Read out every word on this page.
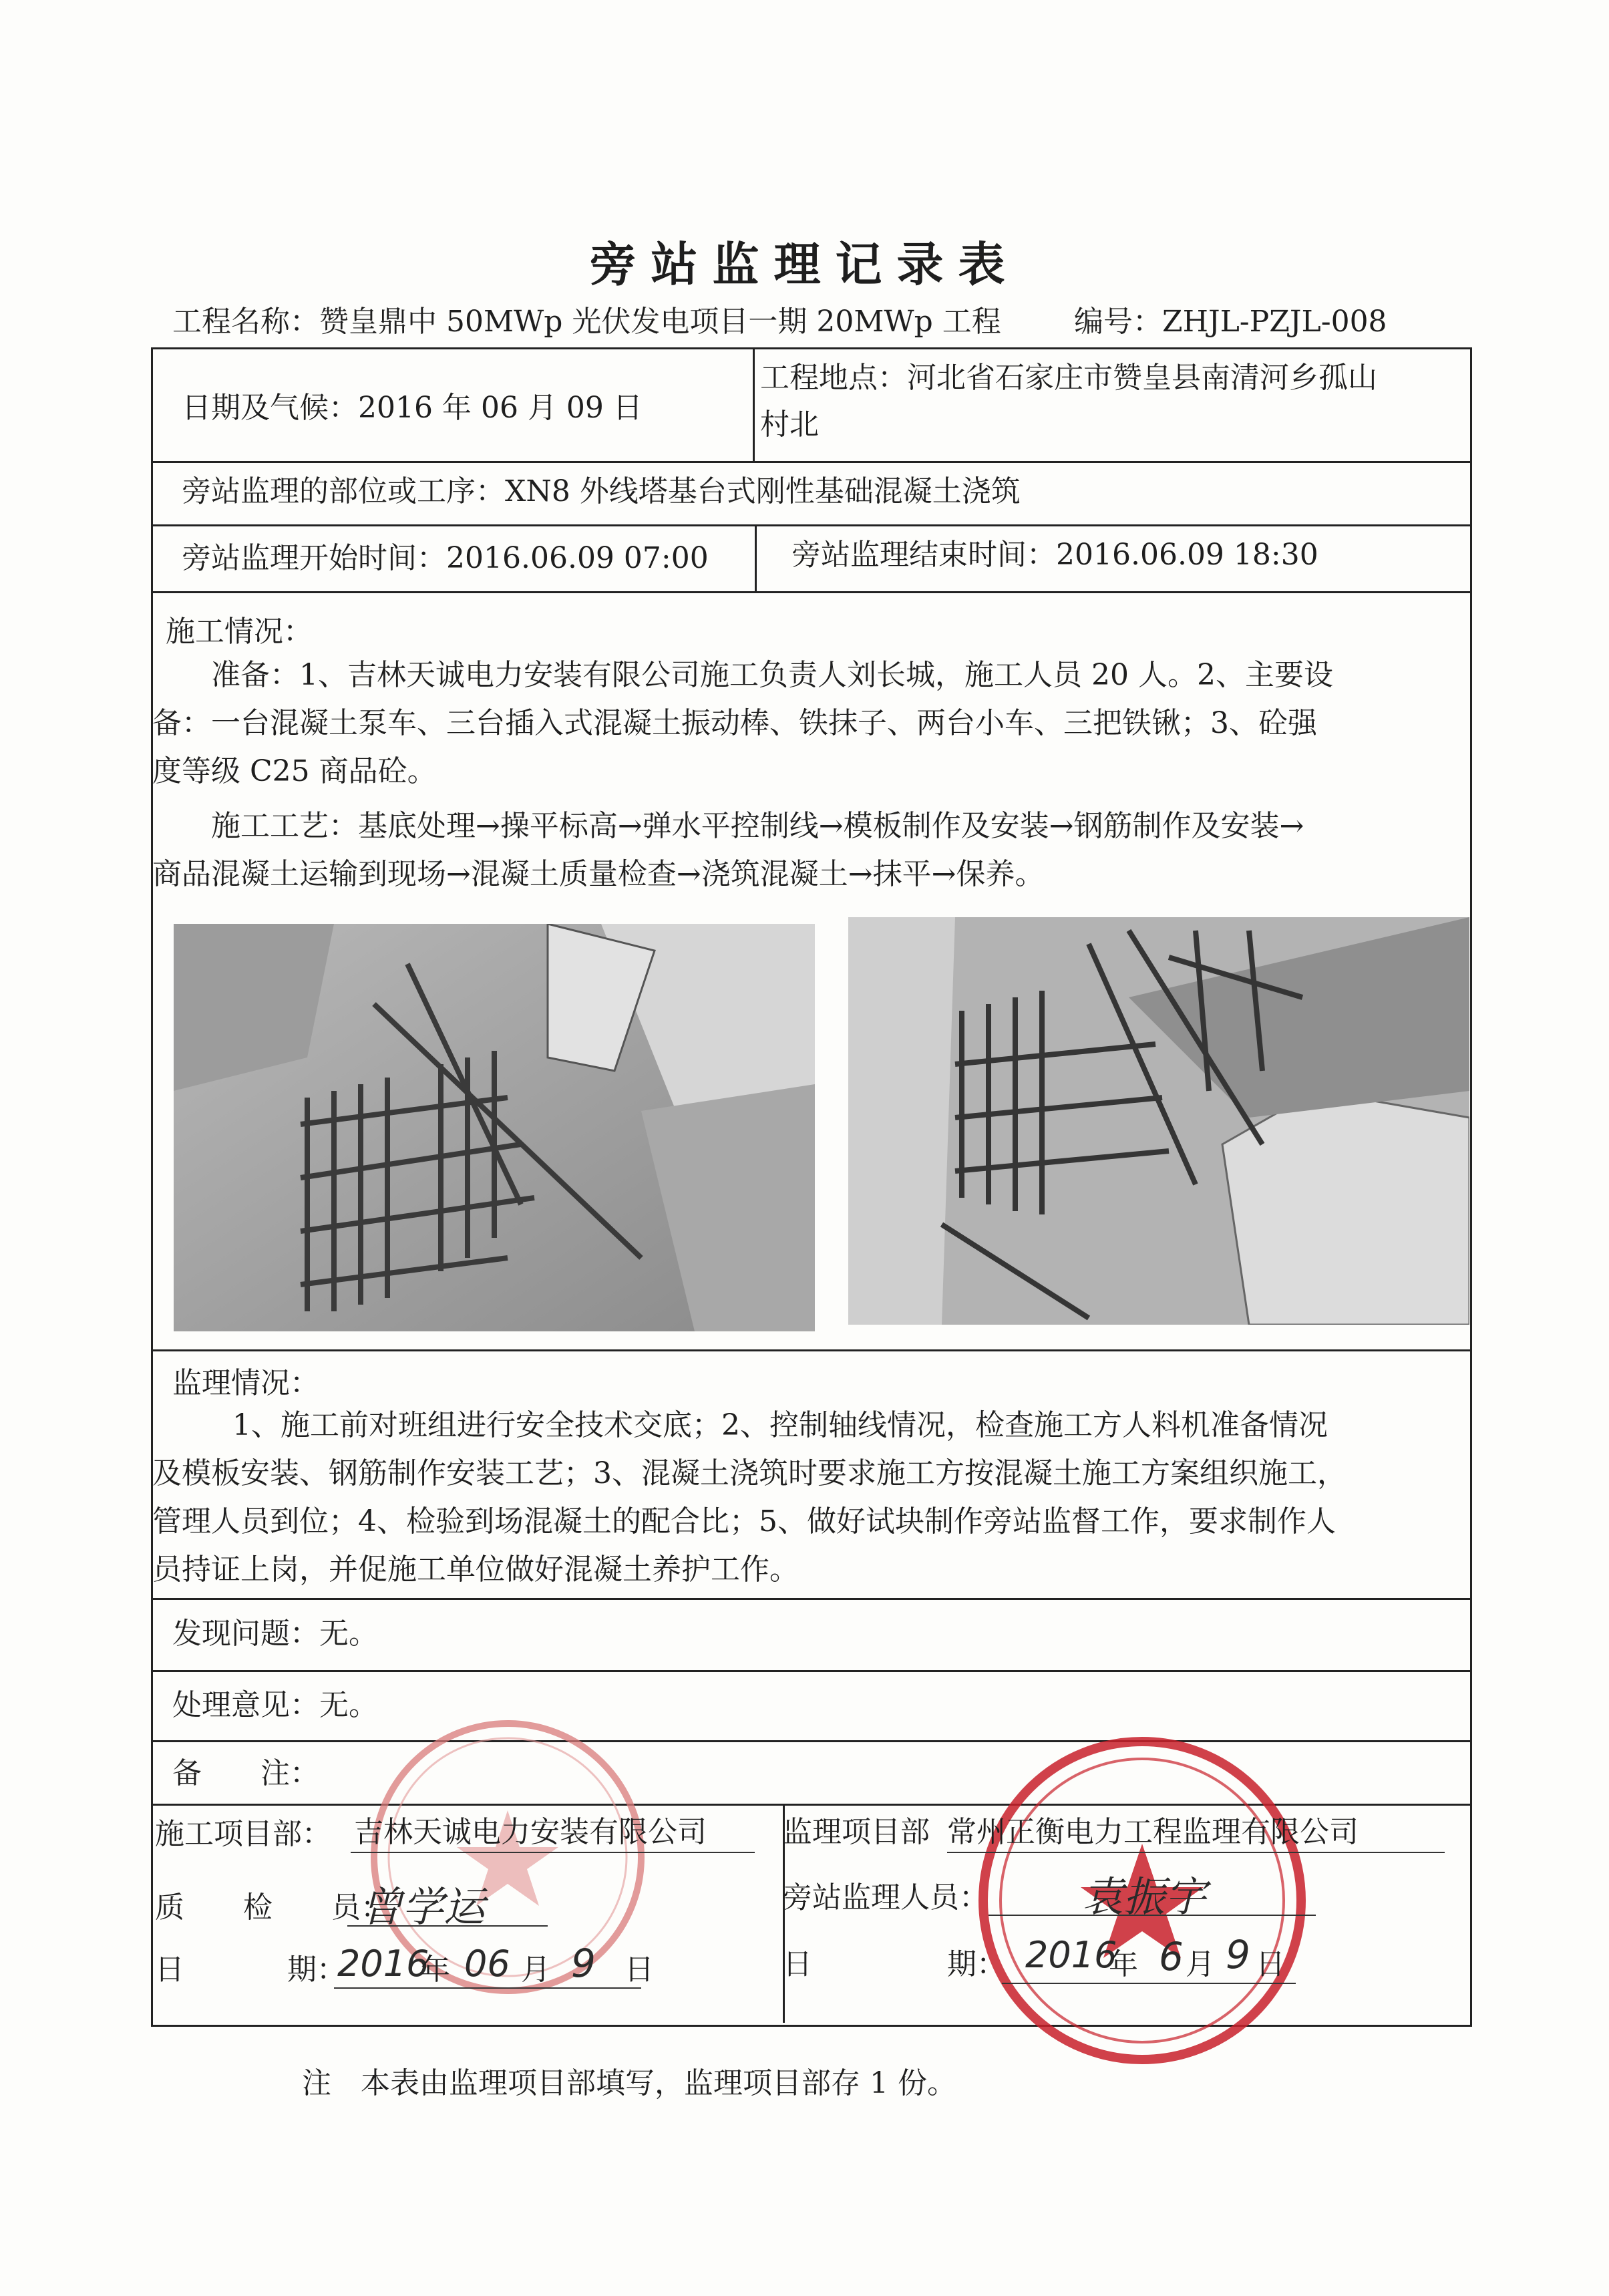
旁站监理记录表
工程名称：赞皇鼎中 50MWp 光伏发电项目一期 20MWp 工程 编号：ZHJL-PZJL-008
日期及气候：2016 年 06 月 09 日
工程地点：河北省石家庄市赞皇县南清河乡孤山
村北
旁站监理的部位或工序：XN8 外线塔基台式刚性基础混凝土浇筑
旁站监理开始时间：2016.06.09 07:00	旁站监理结束时间：2016.06.09 18:30
施工情况：
准备：1、吉林天诚电力安装有限公司施工负责人刘长城，施工人员 20 人。2、主要设
备：一台混凝土泵车、三台插入式混凝土振动棒、铁抹子、两台小车、三把铁锹；3、砼强
度等级 C25 商品砼。
施工工艺：基底处理→操平标高→弹水平控制线→模板制作及安装→钢筋制作及安装→
商品混凝土运输到现场→混凝土质量检查→浇筑混凝土→抹平→保养。
监理情况：
1、施工前对班组进行安全技术交底；2、控制轴线情况，检查施工方人料机准备情况
及模板安装、钢筋制作安装工艺；3、混凝土浇筑时要求施工方按混凝土施工方案组织施工，
管理人员到位；4、检验到场混凝土的配合比；5、做好试块制作旁站监督工作，要求制作人
员持证上岗，并促施工单位做好混凝土养护工作。
发现问题：无。
处理意见：无。
备　　注：
施工项目部： 吉林天诚电力安装有限公司
质　　检　　员：
曾学运
日	期：
2016
年 06 月 9 日
监理项目部 常州正衡电力工程监理有限公司
旁站监理人员： 袁振宇
日	期： 2016
年 6 月 9 日
注　本表由监理项目部填写，监理项目部存 1 份。
